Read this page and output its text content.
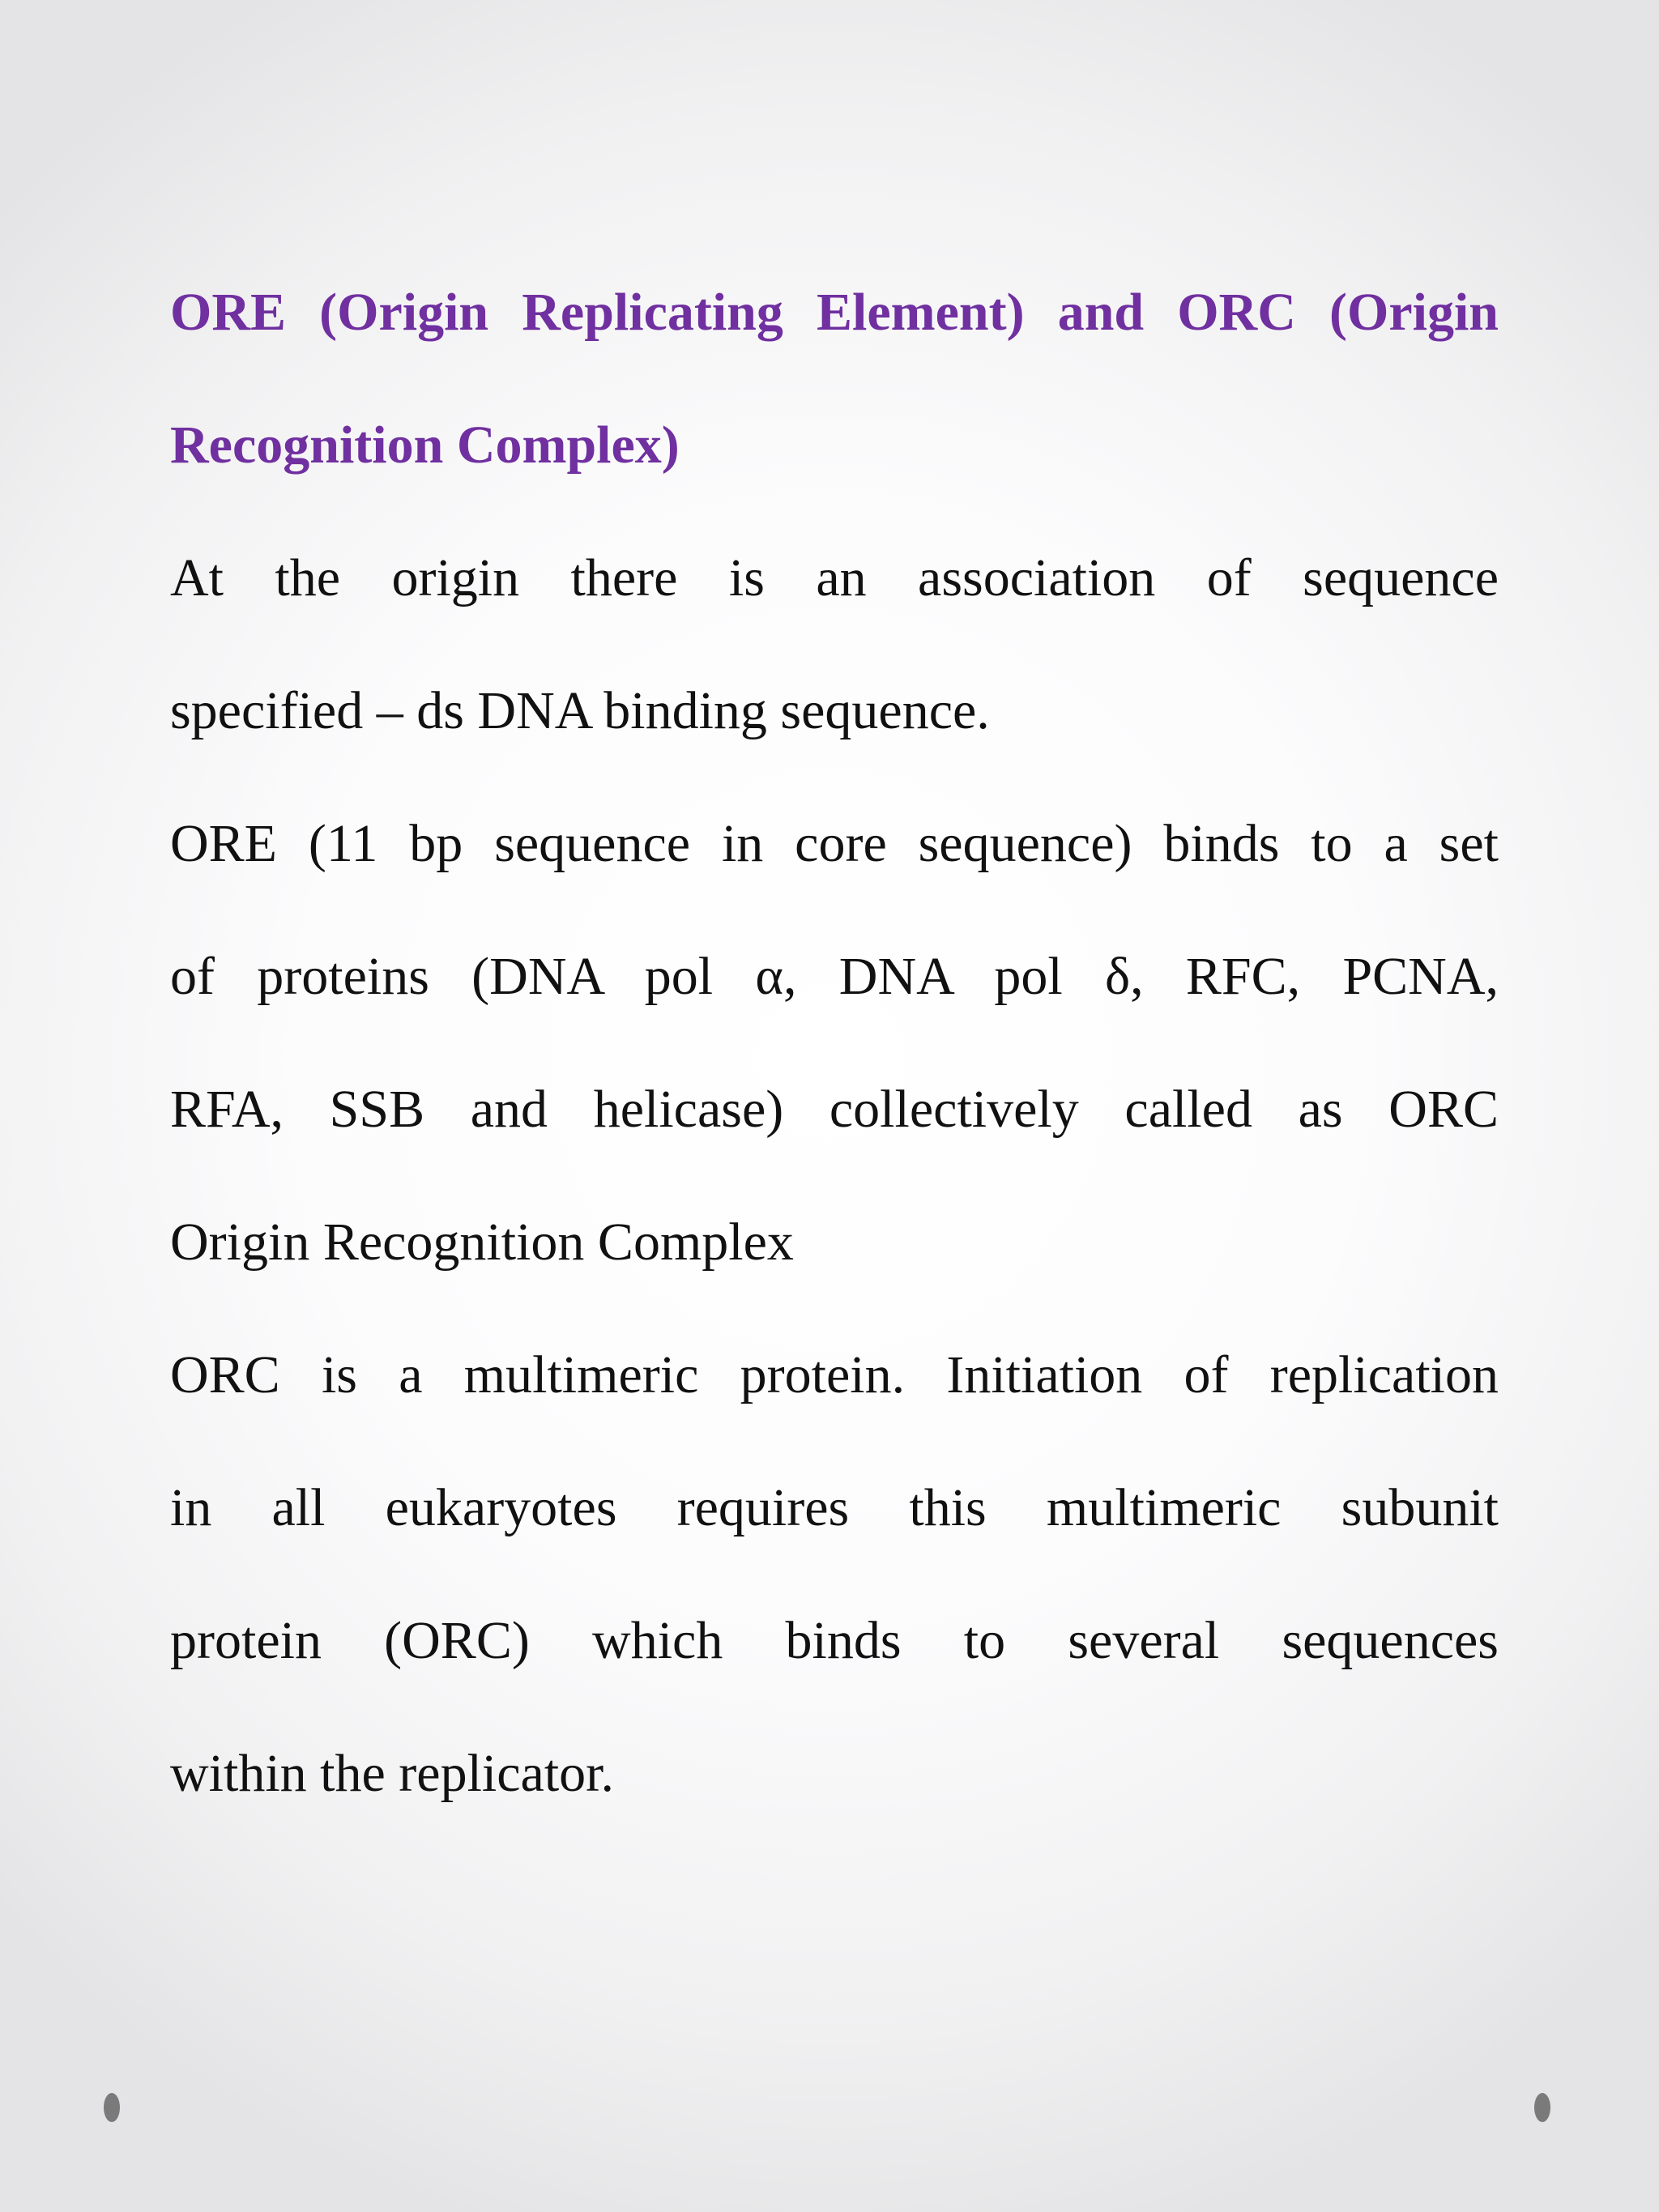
ORE (Origin Replicating Element) and ORC (Origin
Recognition Complex)
At the origin there is an association of sequence
specified – ds DNA binding sequence.
ORE (11 bp sequence in core sequence) binds to a set
of proteins (DNA pol α, DNA pol δ, RFC, PCNA,
RFA, SSB and helicase) collectively called as ORC
Origin Recognition Complex
ORC is a multimeric protein. Initiation of replication
in all eukaryotes requires this multimeric subunit
protein (ORC) which binds to several sequences
within the replicator.
